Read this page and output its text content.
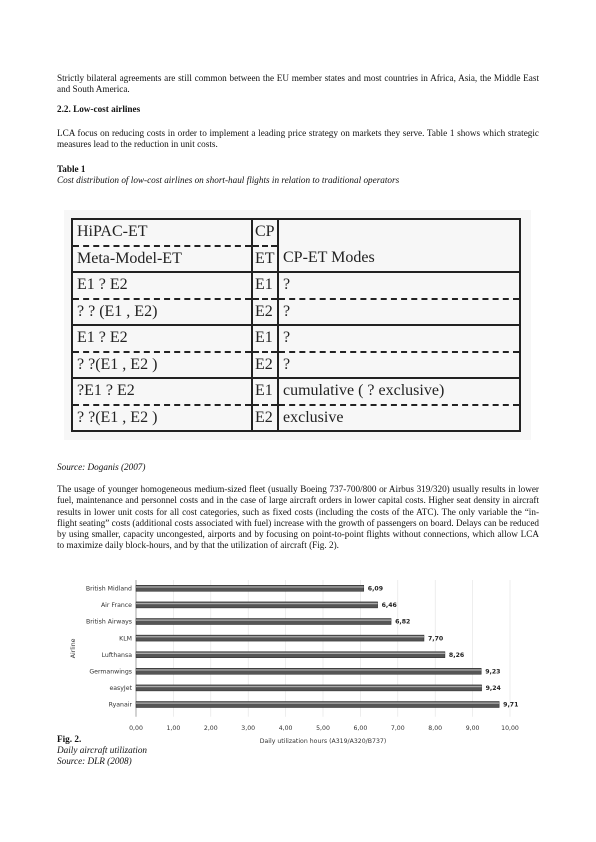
Strictly bilateral agreements are still common between the EU member states and most countries in Africa, Asia, the Middle East and South America.

2.2. Low-cost airlines

LCA focus on reducing costs in order to implement a leading price strategy on markets they serve. Table 1 shows which strategic measures lead to the reduction in unit costs.

Table 1

Cost distribution of low-cost airlines on short-haul flights in relation to traditional operators

HiPAC-ET	CP	
Meta-Model-ET	ET	CP-ET Modes
E1 ? E2	E1	?
? ? (E1 , E2)	E2	?
E1 ? E2	E1	?
? ?(E1 , E2 )	E2	?
?E1 ? E2	E1	cumulative ( ? exclusive)
? ?(E1 , E2 )	E2	exclusive

Source: Doganis (2007)

The usage of younger homogeneous medium-sized fleet (usually Boeing 737-700/800 or Airbus 319/320) usually results in lower fuel, maintenance and personnel costs and in the case of large aircraft orders in lower capital costs. Higher seat density in aircraft results in lower unit costs for all cost categories, such as fixed costs (including the costs of the ATC). The only variable the “in-flight seating” costs (additional costs associated with fuel) increase with the growth of passengers on board. Delays can be reduced by using smaller, capacity uncongested, airports and by focusing on point-to-point flights without connections, which allow LCA to maximize daily block-hours, and by that the utilization of aircraft (Fig. 2).

0,00	1,00	2,00	3,00	4,00	5,00	6,00	7,00	8,00	9,00	10,00
British Midland	6,09
Air France	6,46
British Airways	6,82
KLM	7,70
Lufthansa	8,26
Germanwings	9,23
easyJet	9,24
Ryanair	9,71
Daily utilization hours (A319/A320/B737)
Airline

Fig. 2.

Daily aircraft utilization

Source: DLR (2008)
